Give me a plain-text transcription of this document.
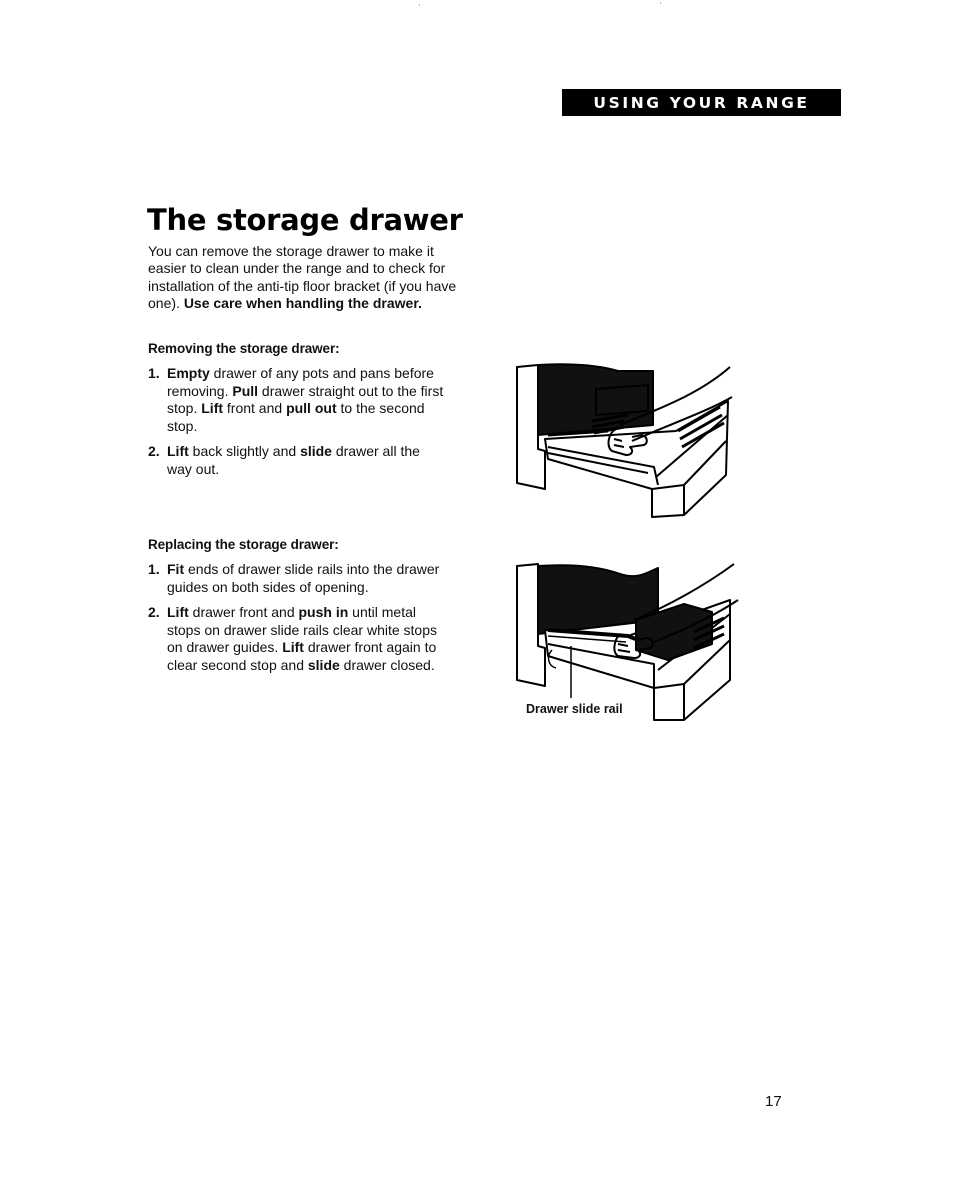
USING YOUR RANGE
The storage drawer

You can remove the storage drawer to make it easier to clean under the range and to check for installation of the anti-tip floor bracket (if you have one). Use care when handling the drawer.

Removing the storage drawer:

1. Empty drawer of any pots and pans before removing. Pull drawer straight out to the first stop. Lift front and pull out to the second stop.
2. Lift back slightly and slide drawer all the way out.

Replacing the storage drawer:

1. Fit ends of drawer slide rails into the drawer guides on both sides of opening.
2. Lift drawer front and push in until metal stops on drawer slide rails clear white stops on drawer guides. Lift drawer front again to clear second stop and slide drawer closed.
Drawer slide rail
17
